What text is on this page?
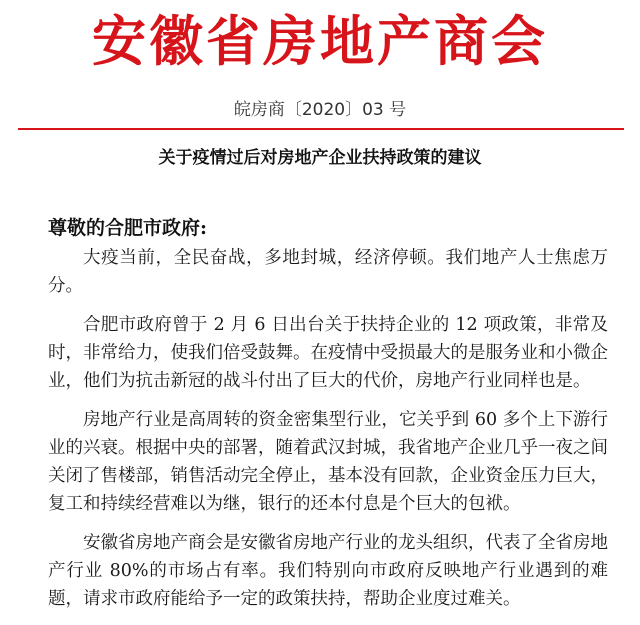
安徽省房地产商会
皖房商〔2020〕03 号
关于疫情过后对房地产企业扶持政策的建议
尊敬的合肥市政府:

大疫当前，全民奋战，多地封城，经济停顿。我们地产人士焦虑万分。

合肥市政府曾于 2 月 6 日出台关于扶持企业的 12 项政策，非常及时，非常给力，使我们倍受鼓舞。在疫情中受损最大的是服务业和小微企业，他们为抗击新冠的战斗付出了巨大的代价，房地产行业同样也是。

房地产行业是高周转的资金密集型行业，它关乎到 60 多个上下游行业的兴衰。根据中央的部署，随着武汉封城，我省地产企业几乎一夜之间关闭了售楼部，销售活动完全停止，基本没有回款，企业资金压力巨大，复工和持续经营难以为继，银行的还本付息是个巨大的包袱。

安徽省房地产商会是安徽省房地产行业的龙头组织，代表了全省房地产行业 80%的市场占有率。我们特别向市政府反映地产行业遇到的难题，请求市政府能给予一定的政策扶持，帮助企业度过难关。
